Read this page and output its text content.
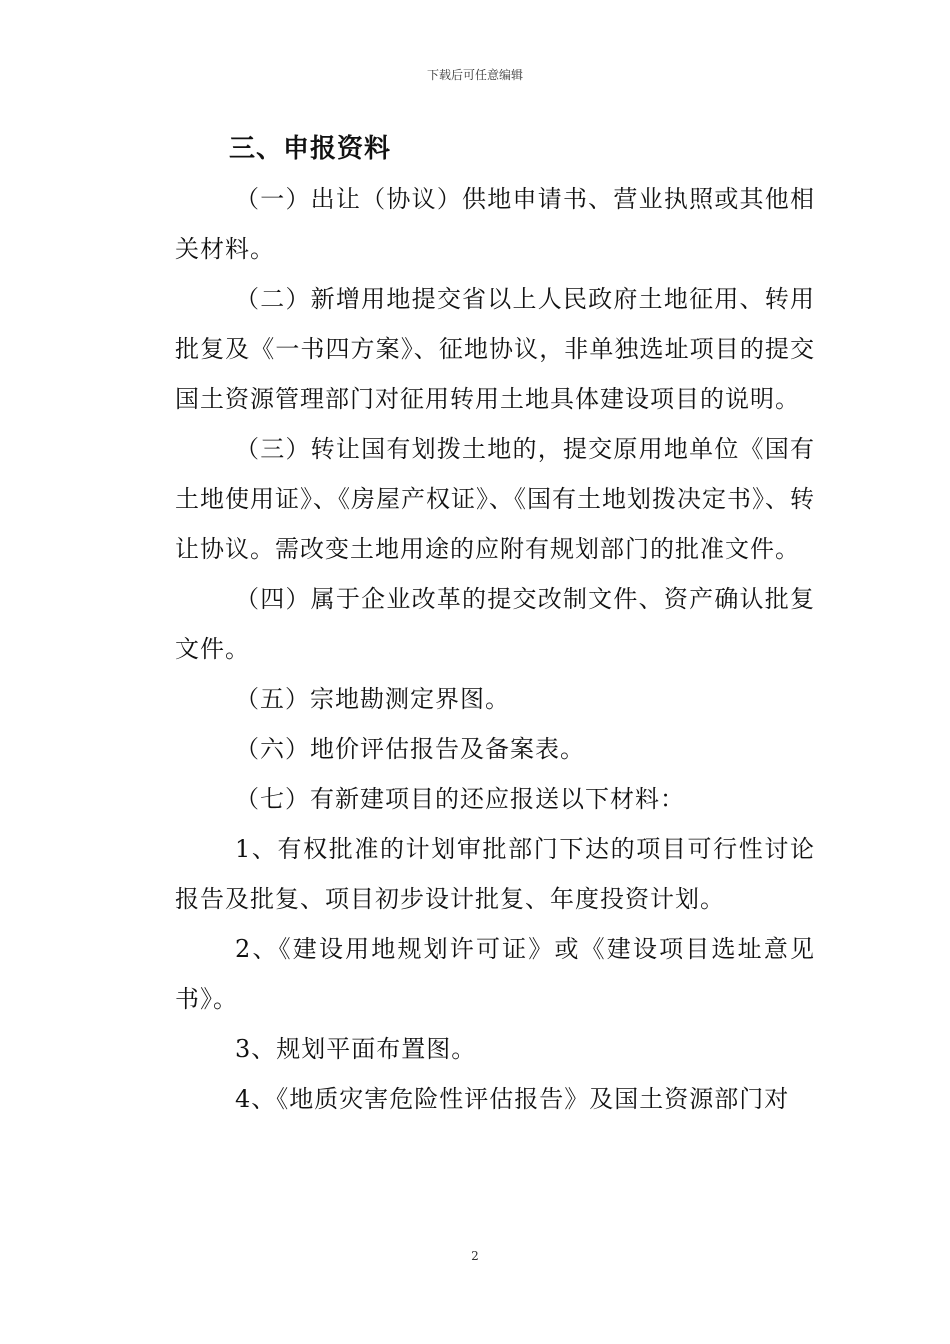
下载后可任意编辑
三、申报资料

（一）出让（协议）供地申请书、营业执照或其他相关材料。

（二）新增用地提交省以上人民政府土地征用、转用批复及《一书四方案》、征地协议，非单独选址项目的提交国土资源管理部门对征用转用土地具体建设项目的说明。

（三）转让国有划拨土地的，提交原用地单位《国有土地使用证》、《房屋产权证》、《国有土地划拨决定书》、转让协议。需改变土地用途的应附有规划部门的批准文件。

（四）属于企业改革的提交改制文件、资产确认批复文件。

（五）宗地勘测定界图。

（六）地价评估报告及备案表。

（七）有新建项目的还应报送以下材料：

1、有权批准的计划审批部门下达的项目可行性讨论报告及批复、项目初步设计批复、年度投资计划。

2、《建设用地规划许可证》或《建设项目选址意见书》。

3、规划平面布置图。

4、《地质灾害危险性评估报告》及国土资源部门对

2
